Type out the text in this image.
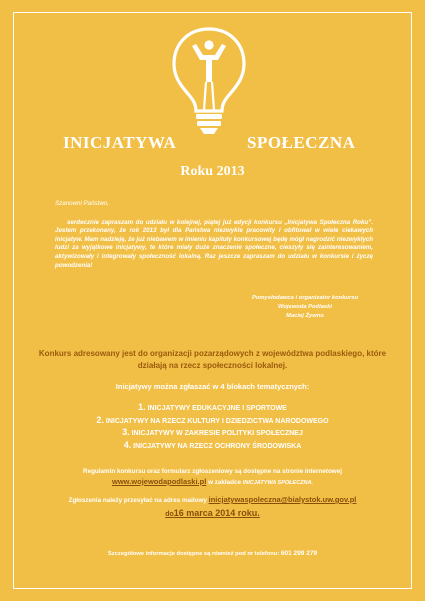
INICJATYWA	SPOŁECZNA
Roku 2013

Szanowni Państwo,

serdecznie zapraszam do udziału w kolejnej, piątej już edycji konkursu „Inicjatywa Społeczna Roku”. Jestem przekonany, że rok 2013 był dla Państwa niezwykle pracowity i obfitował w wiele ciekawych inicjatyw. Mam nadzieję, że już niebawem w imieniu kapituły konkursowej będę mógł nagrodzić niezwykłych ludzi za wyjątkowe inicjatywy, te które miały duże znaczenie społeczne, cieszyły się zainteresowaniem, aktywizowały i integrowały społeczność lokalną. Raz jeszcze zapraszam do udziału w konkursie i życzę powodzenia!

Pomysłodawca i organizator konkursu
Wojewoda Podlaski
Maciej Żywno
Konkurs adresowany jest do organizacji pozarządowych z województwa podlaskiego, które działają na rzecz społeczności lokalnej.
Inicjatywy można zgłaszać w 4 blokach tematycznych:
1. INICJATYWY EDUKACYJNE I SPORTOWE
2. INICJATYWY NA RZECZ KULTURY I DZIEDZICTWA NARODOWEGO
3. INICJATYWY W ZAKRESIE POLITYKI SPOŁECZNEJ
4. INICJATYWY NA RZECZ OCHRONY ŚRODOWISKA
Regulamin konkursu oraz formularz zgłoszeniowy są dostępne na stronie internetowej
www.wojewodapodlaski.pl w zakładce INICJATYWA SPOŁECZNA.
Zgłoszenia należy przesyłać na adres mailowy inicjatywaspoleczna@bialystok.uw.gov.pl
do16 marca 2014 roku.
Szczegółowe informacje dostępne są również pod nr telefonu: 601 299 279
